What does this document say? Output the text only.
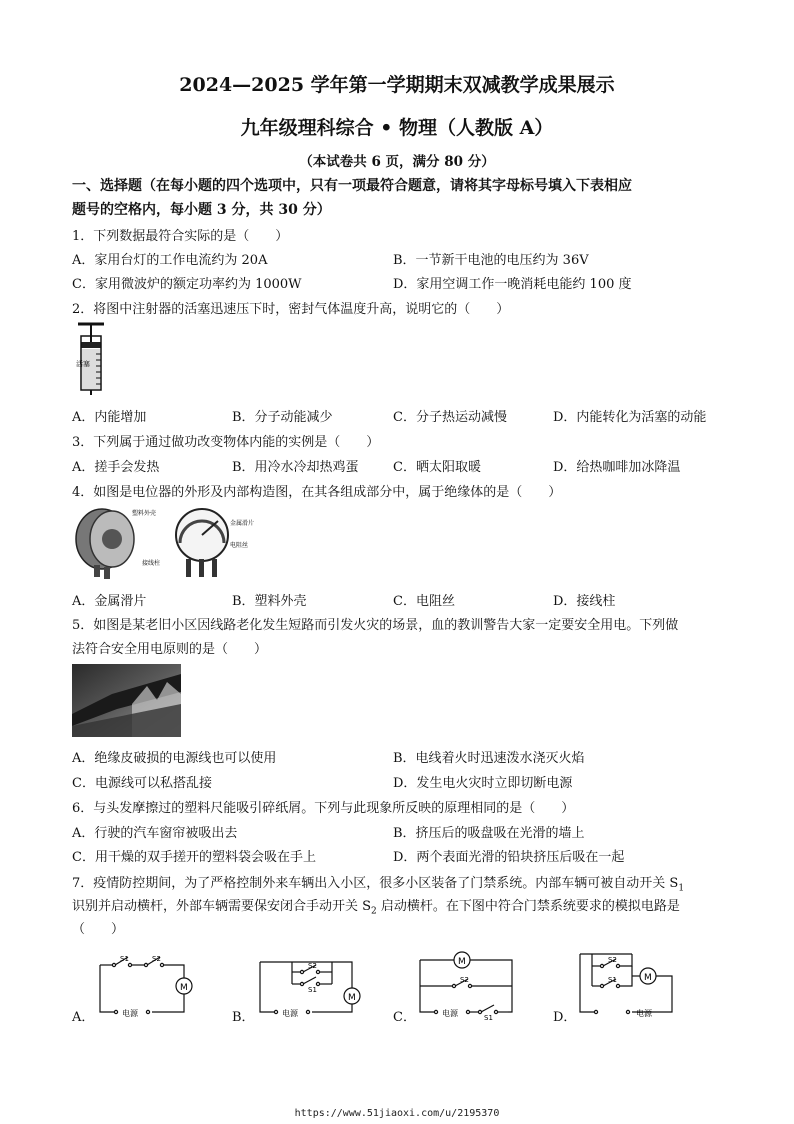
2024—2025 学年第一学期期末双减教学成果展示
九年级理科综合 • 物理（人教版 A）
（本试卷共 6 页，满分 80 分）
一、选择题（在每小题的四个选项中，只有一项最符合题意，请将其字母标号填入下表相应
题号的空格内，每小题 3 分，共 30 分）
1．下列数据最符合实际的是（　　）
A．家用台灯的工作电流约为 20A	B．一节新干电池的电压约为 36V
C．家用微波炉的额定功率约为 1000W	D．家用空调工作一晚消耗电能约 100 度
2．将图中注射器的活塞迅速压下时，密封气体温度升高，说明它的（　　）
活塞
A．内能增加	B．分子动能减少	C．分子热运动减慢	D．内能转化为活塞的动能
3．下列属于通过做功改变物体内能的实例是（　　）
A．搓手会发热	B．用冷水冷却热鸡蛋	C．晒太阳取暖	D．给热咖啡加冰降温
4．如图是电位器的外形及内部构造图，在其各组成部分中，属于绝缘体的是（　　）
塑料外壳
金属滑片
电阻丝
接线柱
A．金属滑片	B．塑料外壳	C．电阻丝	D．接线柱
5．如图是某老旧小区因线路老化发生短路而引发火灾的场景，血的教训警告大家一定要安全用电。下列做
法符合安全用电原则的是（　　）
A．绝缘皮破损的电源线也可以使用	B．电线着火时迅速泼水浇灭火焰
C．电源线可以私搭乱接	D．发生电火灾时立即切断电源
6．与头发摩擦过的塑料尺能吸引碎纸屑。下列与此现象所反映的原理相同的是（　　）
A．行驶的汽车窗帘被吸出去	B．挤压后的吸盘吸在光滑的墙上
C．用干燥的双手搓开的塑料袋会吸在手上	D．两个表面光滑的铅块挤压后吸在一起
7．疫情防控期间，为了严格控制外来车辆出入小区，很多小区装备了门禁系统。内部车辆可被自动开关 $S_1$
识别并启动横杆，外部车辆需要保安闭合手动开关 $S_2$ 启动横杆。在下图中符合门禁系统要求的模拟电路是
（　　）
A．
M
S1	S2
电源	B．
M
S2
S1
电源	C．
M
S2
S1
电源	D．
M
S2
S1
电源
https://www.51jiaoxi.com/u/2195370
